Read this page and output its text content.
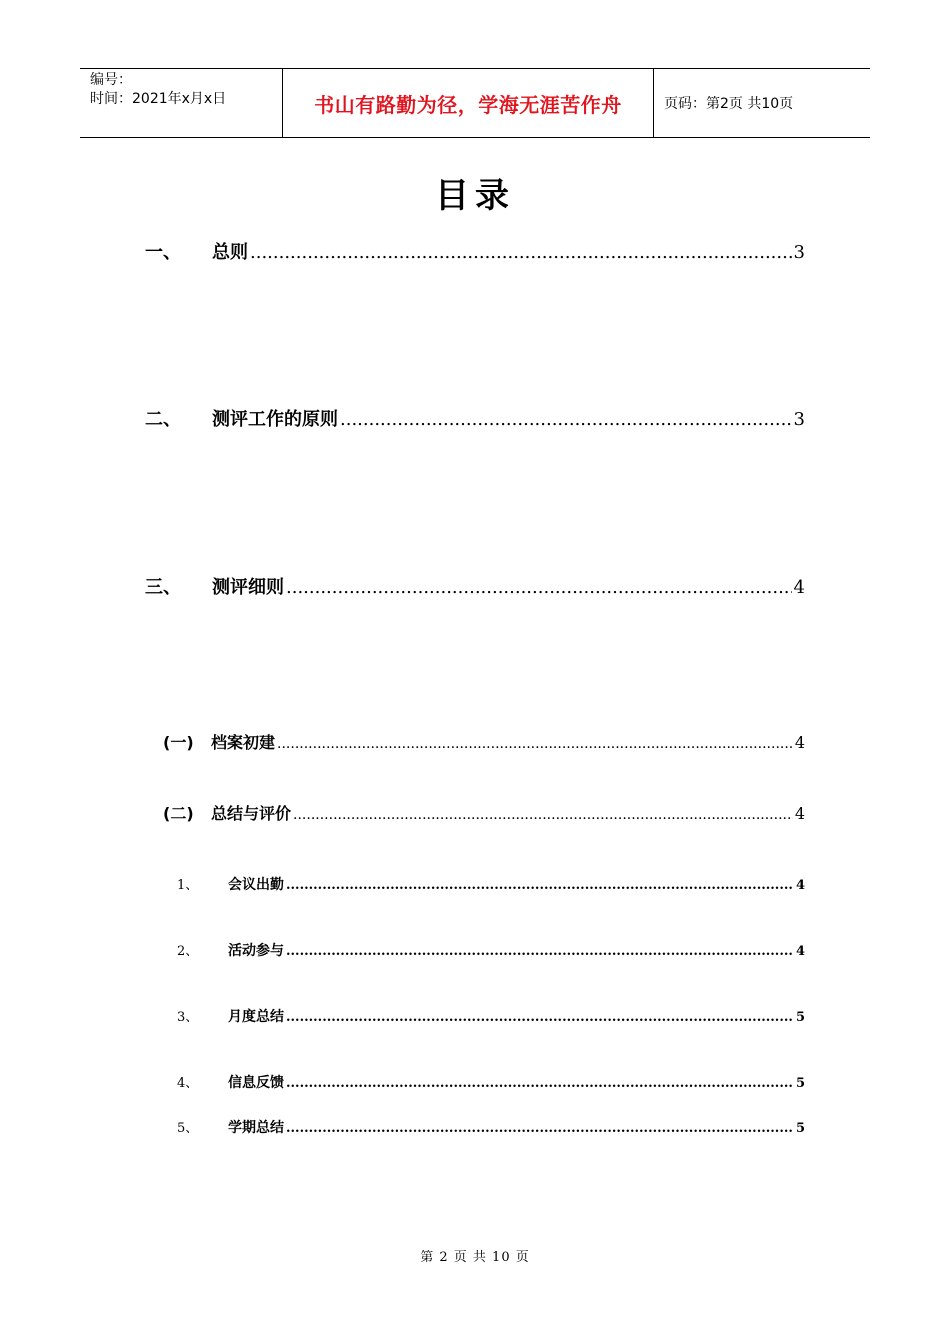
编号：
时间：2021年x月x日	书山有路勤为径，学海无涯苦作舟	页码：第2页 共10页
目录
一、	总则 .....	3
二、	测评工作的原则 .....	3
三、	测评细则 .....	4
(一)	档案初建 .....	4
(二)	总结与评价 .....	4
1、	会议出勤 .....	4
2、	活动参与 .....	4
3、	月度总结 .....	5
4、	信息反馈 .....	5
5、	学期总结 .....	5
第 2 页 共 10 页
